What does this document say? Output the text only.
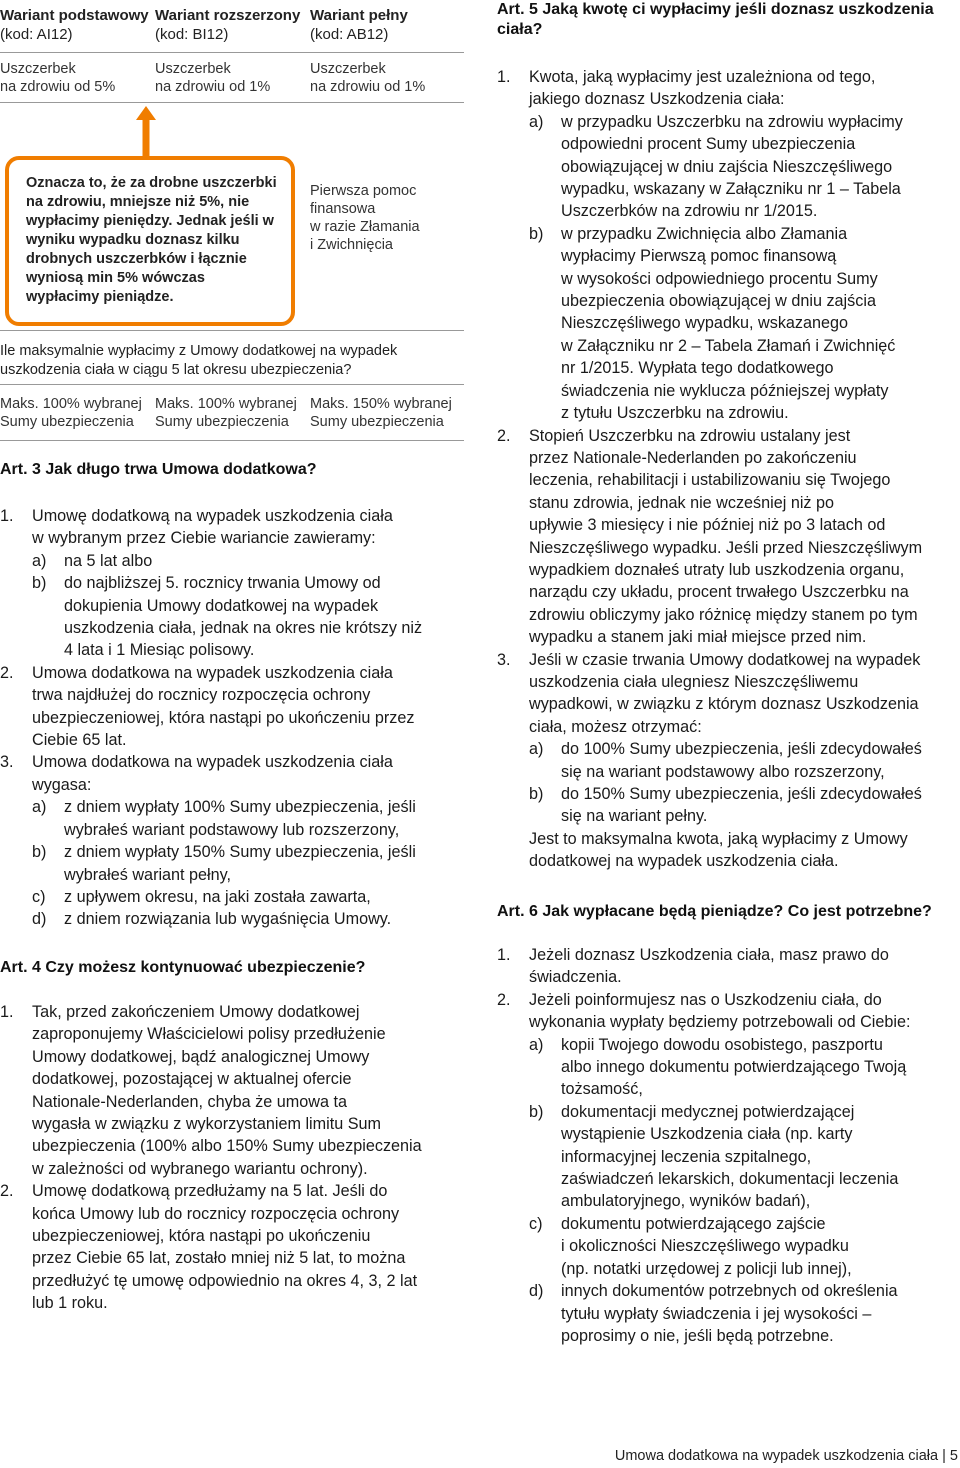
Wariant podstawowy
(kod: AI12)
Wariant rozszerzony
(kod: BI12)
Wariant pełny
(kod: AB12)
Uszczerbek
na zdrowiu od 5%
Uszczerbek
na zdrowiu od 1%
Uszczerbek
na zdrowiu od 1%
Oznacza to, że za drobne uszczerbki na zdrowiu, mniejsze niż 5%, nie wypłacimy pieniędzy. Jednak jeśli w wyniku wypadku doznasz kilku drobnych uszczerbków i łącznie wyniosą min 5% wówczas wypłacimy pieniądze.
Pierwsza pomoc
finansowa
w razie Złamania
i Zwichnięcia
Ile maksymalnie wypłacimy z Umowy dodatkowej na wypadek
uszkodzenia ciała w ciągu 5 lat okresu ubezpieczenia?
Maks. 100% wybranej
Sumy ubezpieczenia
Maks. 100% wybranej
Sumy ubezpieczenia
Maks. 150% wybranej
Sumy ubezpieczenia
Art. 3 Jak długo trwa Umowa dodatkowa?
1. Umowę dodatkową na wypadek uszkodzenia ciała
w wybranym przez Ciebie wariancie zawieramy:
a) na 5 lat albo
b) do najbliższej 5. rocznicy trwania Umowy od
dokupienia Umowy dodatkowej na wypadek
uszkodzenia ciała, jednak na okres nie krótszy niż
4 lata i 1 Miesiąc polisowy.
2. Umowa dodatkowa na wypadek uszkodzenia ciała
trwa najdłużej do rocznicy rozpoczęcia ochrony
ubezpieczeniowej, która nastąpi po ukończeniu przez
Ciebie 65 lat.
3. Umowa dodatkowa na wypadek uszkodzenia ciała
wygasa:
a) z dniem wypłaty 100% Sumy ubezpieczenia, jeśli
wybrałeś wariant podstawowy lub rozszerzony,
b) z dniem wypłaty 150% Sumy ubezpieczenia, jeśli
wybrałeś wariant pełny,
c) z upływem okresu, na jaki została zawarta,
d) z dniem rozwiązania lub wygaśnięcia Umowy.
Art. 4 Czy możesz kontynuować ubezpieczenie?
1. Tak, przed zakończeniem Umowy dodatkowej
zaproponujemy Właścicielowi polisy przedłużenie
Umowy dodatkowej, bądź analogicznej Umowy
dodatkowej, pozostającej w aktualnej ofercie
Nationale-Nederlanden, chyba że umowa ta
wygasła w związku z wykorzystaniem limitu Sum
ubezpieczenia (100% albo 150% Sumy ubezpieczenia
w zależności od wybranego wariantu ochrony).
2. Umowę dodatkową przedłużamy na 5 lat. Jeśli do
końca Umowy lub do rocznicy rozpoczęcia ochrony
ubezpieczeniowej, która nastąpi po ukończeniu
przez Ciebie 65 lat, zostało mniej niż 5 lat, to można
przedłużyć tę umowę odpowiednio na okres 4, 3, 2 lat
lub 1 roku.
Art. 5 Jaką kwotę ci wypłacimy jeśli doznasz uszkodzenia
ciała?
1. Kwota, jaką wypłacimy jest uzależniona od tego,
jakiego doznasz Uszkodzenia ciała:
a) w przypadku Uszczerbku na zdrowiu wypłacimy
odpowiedni procent Sumy ubezpieczenia
obowiązującej w dniu zajścia Nieszczęśliwego
wypadku, wskazany w Załączniku nr 1 – Tabela
Uszczerbków na zdrowiu nr 1/2015.
b) w przypadku Zwichnięcia albo Złamania
wypłacimy Pierwszą pomoc finansową
w wysokości odpowiedniego procentu Sumy
ubezpieczenia obowiązującej w dniu zajścia
Nieszczęśliwego wypadku, wskazanego
w Załączniku nr 2 – Tabela Złamań i Zwichnięć
nr 1/2015. Wypłata tego dodatkowego
świadczenia nie wyklucza późniejszej wypłaty
z tytułu Uszczerbku na zdrowiu.
2. Stopień Uszczerbku na zdrowiu ustalany jest
przez Nationale-Nederlanden po zakończeniu
leczenia, rehabilitacji i ustabilizowaniu się Twojego
stanu zdrowia, jednak nie wcześniej niż po
upływie 3 miesięcy i nie później niż po 3 latach od
Nieszczęśliwego wypadku. Jeśli przed Nieszczęśliwym
wypadkiem doznałeś utraty lub uszkodzenia organu,
narządu czy układu, procent trwałego Uszczerbku na
zdrowiu obliczymy jako różnicę między stanem po tym
wypadku a stanem jaki miał miejsce przed nim.
3. Jeśli w czasie trwania Umowy dodatkowej na wypadek
uszkodzenia ciała ulegniesz Nieszczęśliwemu
wypadkowi, w związku z którym doznasz Uszkodzenia
ciała, możesz otrzymać:
a) do 100% Sumy ubezpieczenia, jeśli zdecydowałeś
się na wariant podstawowy albo rozszerzony,
b) do 150% Sumy ubezpieczenia, jeśli zdecydowałeś
się na wariant pełny.
Jest to maksymalna kwota, jaką wypłacimy z Umowy
dodatkowej na wypadek uszkodzenia ciała.
Art. 6 Jak wypłacane będą pieniądze? Co jest potrzebne?
1. Jeżeli doznasz Uszkodzenia ciała, masz prawo do
świadczenia.
2. Jeżeli poinformujesz nas o Uszkodzeniu ciała, do
wykonania wypłaty będziemy potrzebowali od Ciebie:
a) kopii Twojego dowodu osobistego, paszportu
albo innego dokumentu potwierdzającego Twoją
tożsamość,
b) dokumentacji medycznej potwierdzającej
wystąpienie Uszkodzenia ciała (np. karty
informacyjnej leczenia szpitalnego,
zaświadczeń lekarskich, dokumentacji leczenia
ambulatoryjnego, wyników badań),
c) dokumentu potwierdzającego zajście
i okoliczności Nieszczęśliwego wypadku
(np. notatki urzędowej z policji lub innej),
d) innych dokumentów potrzebnych od określenia
tytułu wypłaty świadczenia i jej wysokości –
poprosimy o nie, jeśli będą potrzebne.
Umowa dodatkowa na wypadek uszkodzenia ciała | 5
